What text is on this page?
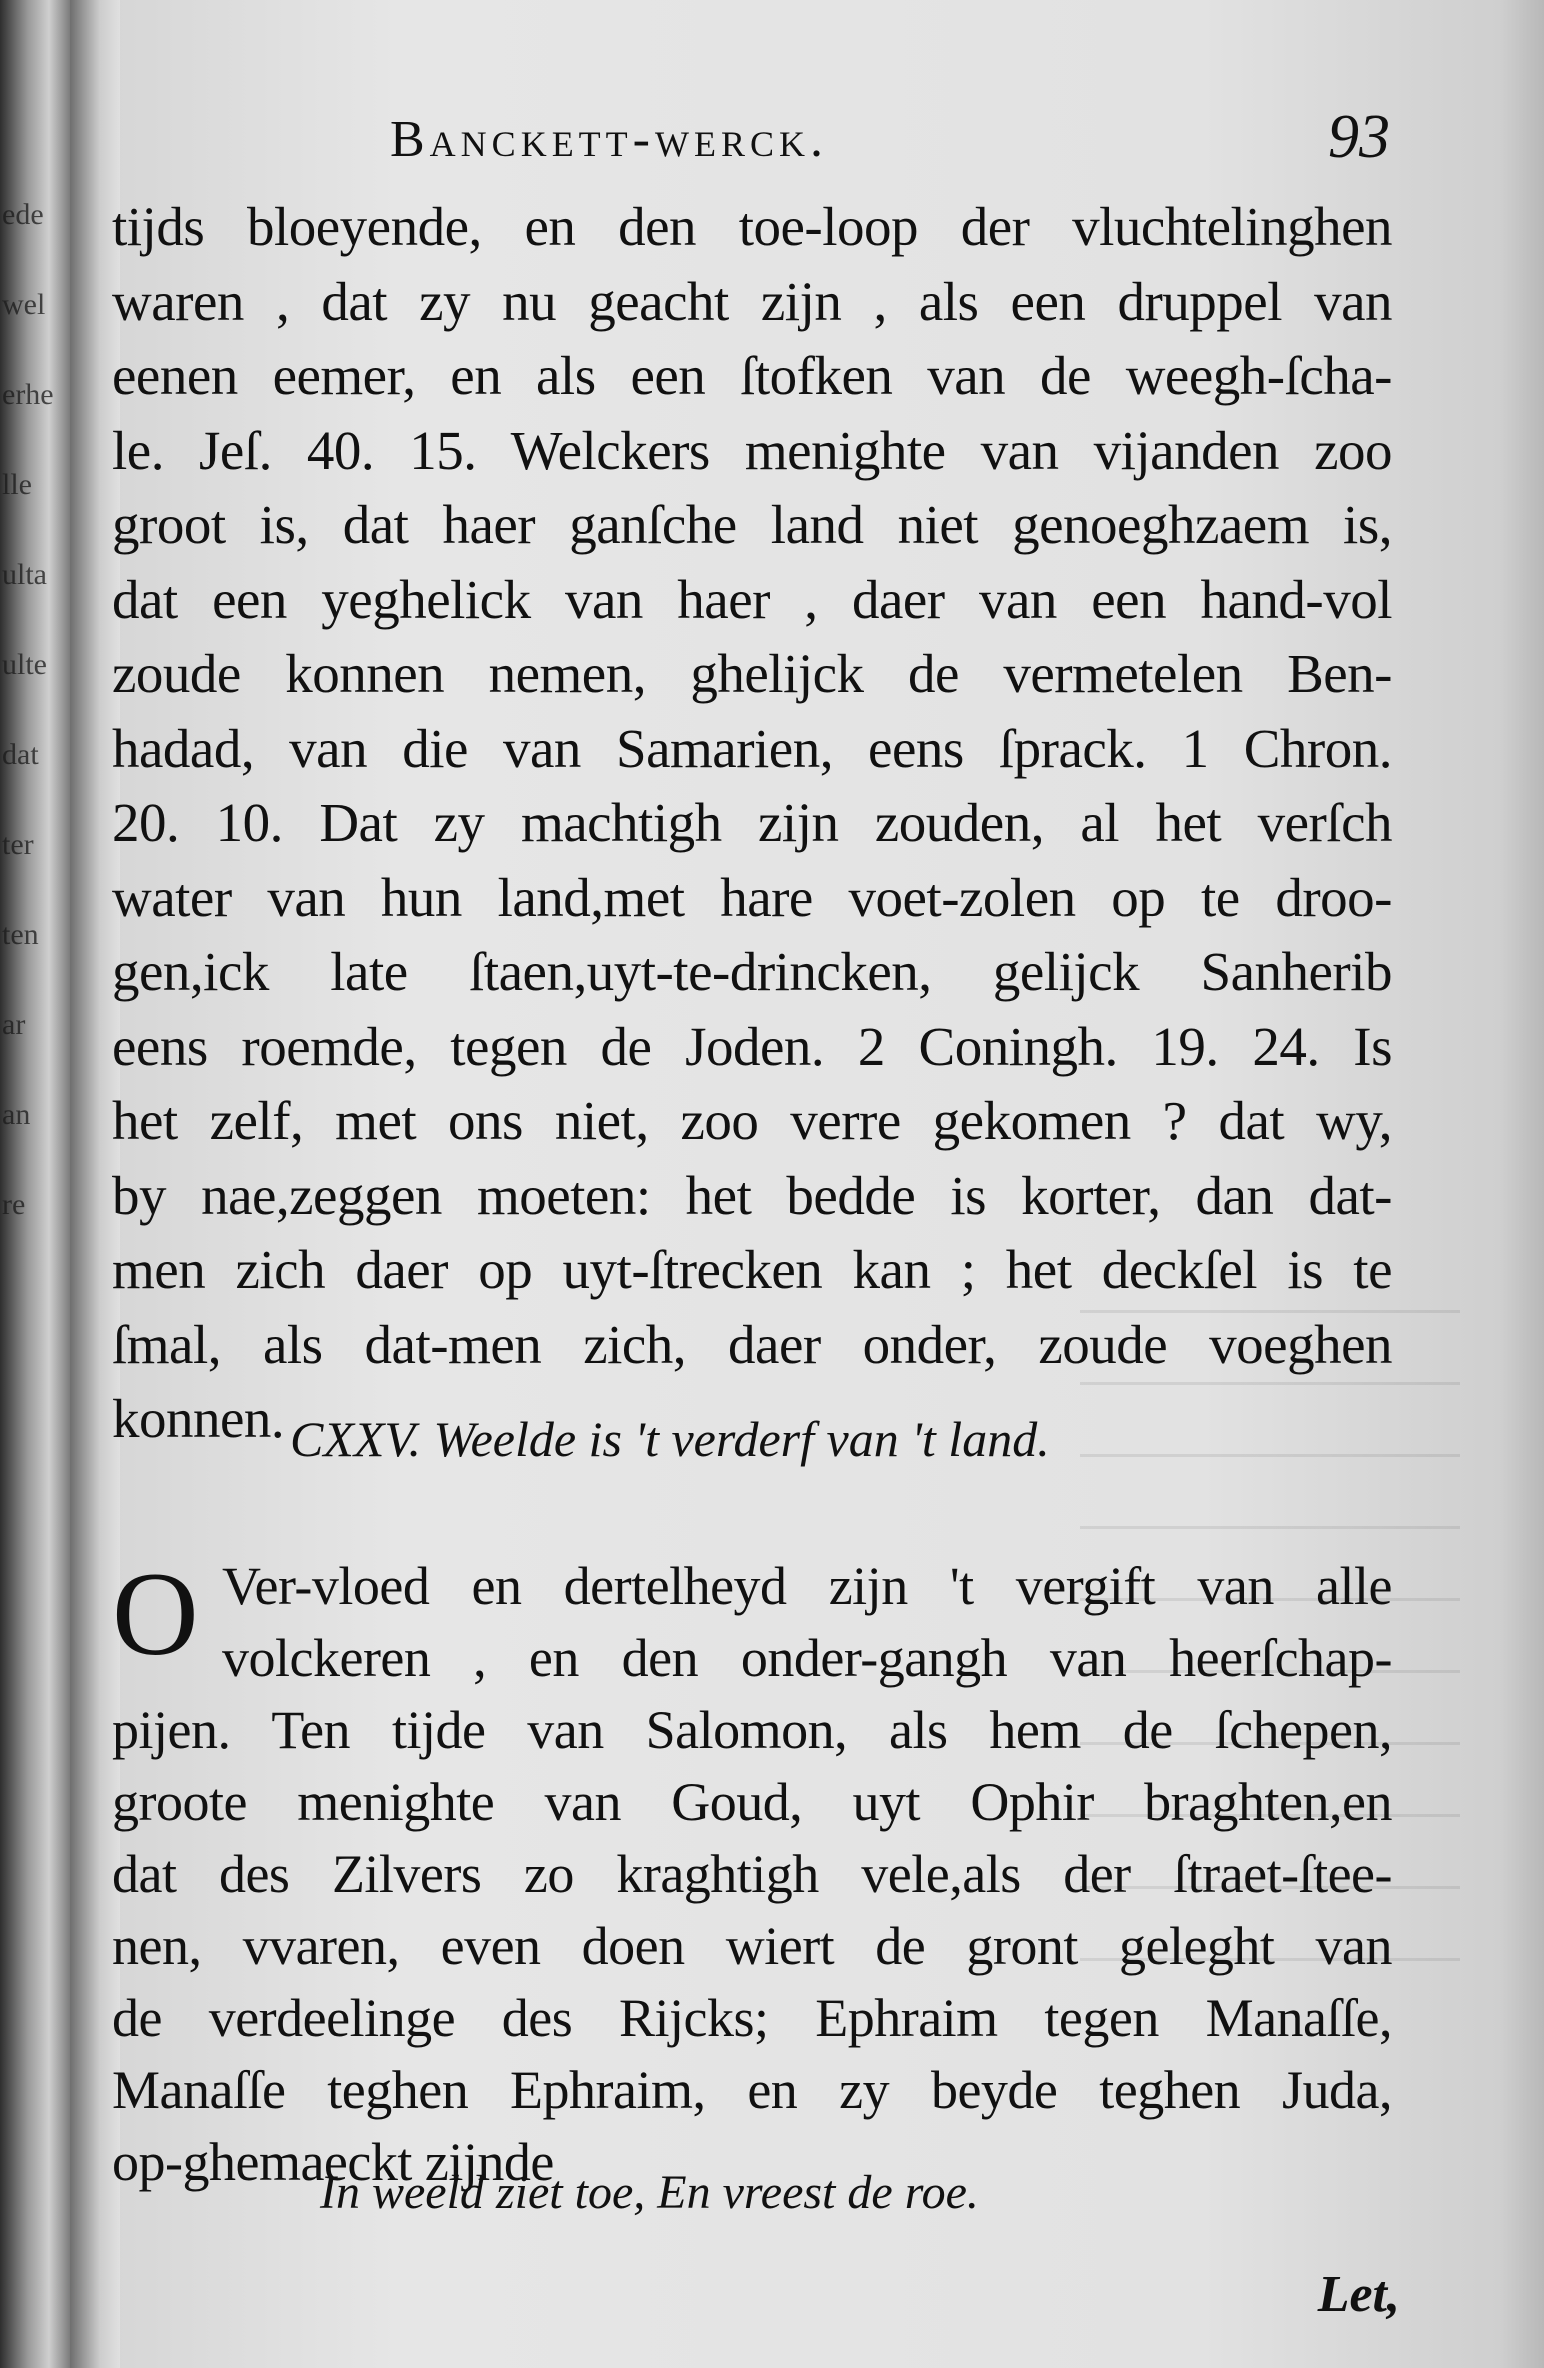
ede
wel
erhe
lle
ulta
ulte
dat
ter
ten
ar
an
re
Banckett-werck.	93
tijds bloeyende, en den toe-loop der vluchtelinghen
waren , dat zy nu geacht zijn , als een druppel van
eenen eemer, en als een ſtofken van de weegh-ſcha-
le. Jeſ. 40. 15. Welckers menighte van vijanden zoo
groot is, dat haer ganſche land niet genoeghzaem is,
dat een yeghelick van haer , daer van een hand-vol
zoude konnen nemen, ghelijck de vermetelen Ben-
hadad, van die van Samarien, eens ſprack. 1 Chron.
20. 10. Dat zy machtigh zijn zouden, al het verſch
water van hun land,met hare voet-zolen op te droo-
gen,ick late ſtaen,uyt-te-drincken, gelijck Sanherib
eens roemde, tegen de Joden. 2 Coningh. 19. 24. Is
het zelf, met ons niet, zoo verre gekomen ? dat wy,
by nae,zeggen moeten: het bedde is korter, dan dat-
men zich daer op uyt-ſtrecken kan ; het deckſel is te
ſmal, als dat-men zich, daer onder, zoude voeghen
konnen. CXXV. Weelde is 't verderf van 't land.
O Ver-vloed en dertelheyd zijn 't vergift van alle
volckeren , en den onder-gangh van heerſchap-
pijen. Ten tijde van Salomon, als hem de ſchepen,
groote menighte van Goud, uyt Ophir braghten,en
dat des Zilvers zo kraghtigh vele,als der ſtraet-ſtee-
nen, vvaren, even doen wiert de gront geleght van
de verdeelinge des Rijcks; Ephraim tegen Manaſſe,
Manaſſe teghen Ephraim, en zy beyde teghen Juda,
op-ghemaeckt zijnde
In weeld ziet toe, En vreest de roe.
Let,
